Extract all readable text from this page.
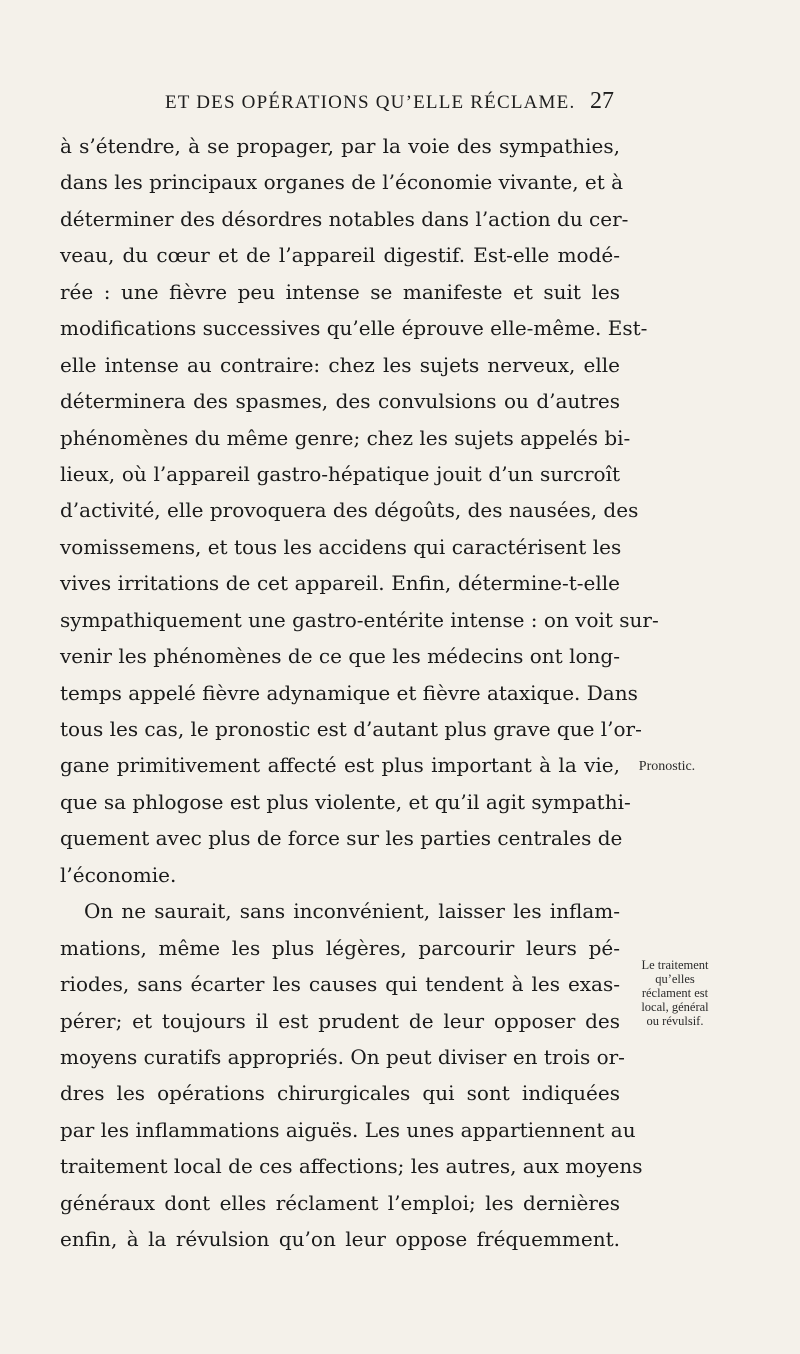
ET DES OPÉRATIONS QU’ELLE RÉCLAME. 27
à s’étendre, à se propager, par la voie des sympathies,
dans les principaux organes de l’économie vivante, et à
déterminer des désordres notables dans l’action du cer-
veau, du cœur et de l’appareil digestif. Est-elle modé-
rée : une fièvre peu intense se manifeste et suit les
modifications successives qu’elle éprouve elle-même. Est-
elle intense au contraire: chez les sujets nerveux, elle
déterminera des spasmes, des convulsions ou d’autres
phénomènes du même genre; chez les sujets appelés bi-
lieux, où l’appareil gastro-hépatique jouit d’un surcroît
d’activité, elle provoquera des dégoûts, des nausées, des
vomissemens, et tous les accidens qui caractérisent les
vives irritations de cet appareil. Enfin, détermine-t-elle
sympathiquement une gastro-entérite intense : on voit sur-
venir les phénomènes de ce que les médecins ont long-
temps appelé fièvre adynamique et fièvre ataxique. Dans
tous les cas, le pronostic est d’autant plus grave que l’or-
gane primitivement affecté est plus important à la vie,
que sa phlogose est plus violente, et qu’il agit sympathi-
quement avec plus de force sur les parties centrales de
l’économie.
On ne saurait, sans inconvénient, laisser les inflam-
mations, même les plus légères, parcourir leurs pé-
riodes, sans écarter les causes qui tendent à les exas-
pérer; et toujours il est prudent de leur opposer des
moyens curatifs appropriés. On peut diviser en trois or-
dres les opérations chirurgicales qui sont indiquées
par les inflammations aiguës. Les unes appartiennent au
traitement local de ces affections; les autres, aux moyens
généraux dont elles réclament l’emploi; les dernières
enfin, à la révulsion qu’on leur oppose fréquemment.
Pronostic.
Le traitement
qu’elles
réclament est
local, général
ou révulsif.
